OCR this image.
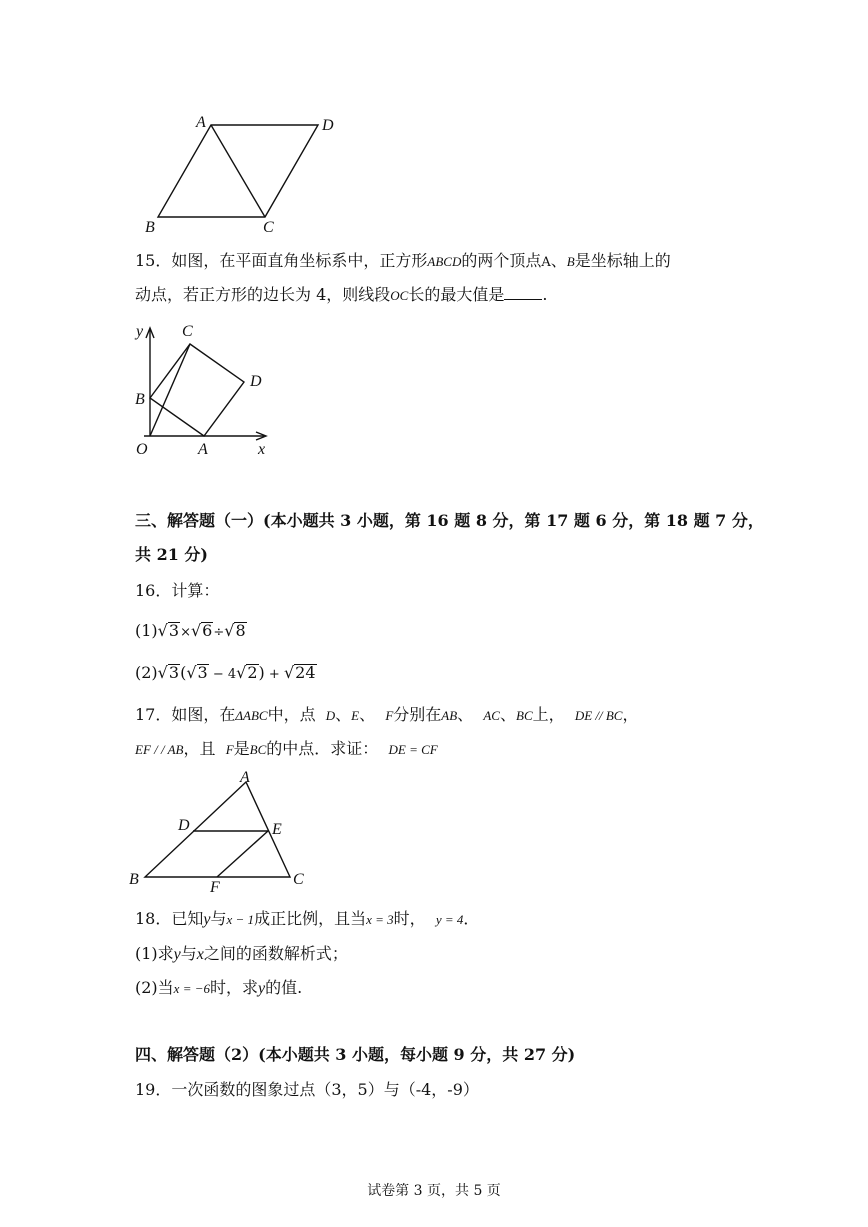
A	D
B	C
15．如图，在平面直角坐标系中，正方形ABCD的两个顶点A、B是坐标轴上的
动点，若正方形的边长为 4，则线段OC长的最大值是 .
y C
D
B
O	A	x
三、解答题（一）(本小题共 3 小题，第 16 题 8 分，第 17 题 6 分，第 18 题 7 分，
共 21 分)
16．计算：
(1)√3×√6÷√8
(2)√3(√3 − 4√2) + √24
17．如图，在ΔABC中，点 D、E、 F分别在AB、 AC、BC上， DE // BC，
EF / / AB，且 F是BC的中点．求证： DE = CF
A
D	E
B	F	C
18．已知y与x − 1成正比例，且当x = 3时， y = 4．
(1)求y与x之间的函数解析式；
(2)当x = −6时，求y的值.
四、解答题（2）(本小题共 3 小题，每小题 9 分，共 27 分)
19．一次函数的图象过点（3，5）与（-4，-9）
试卷第 3 页，共 5 页
